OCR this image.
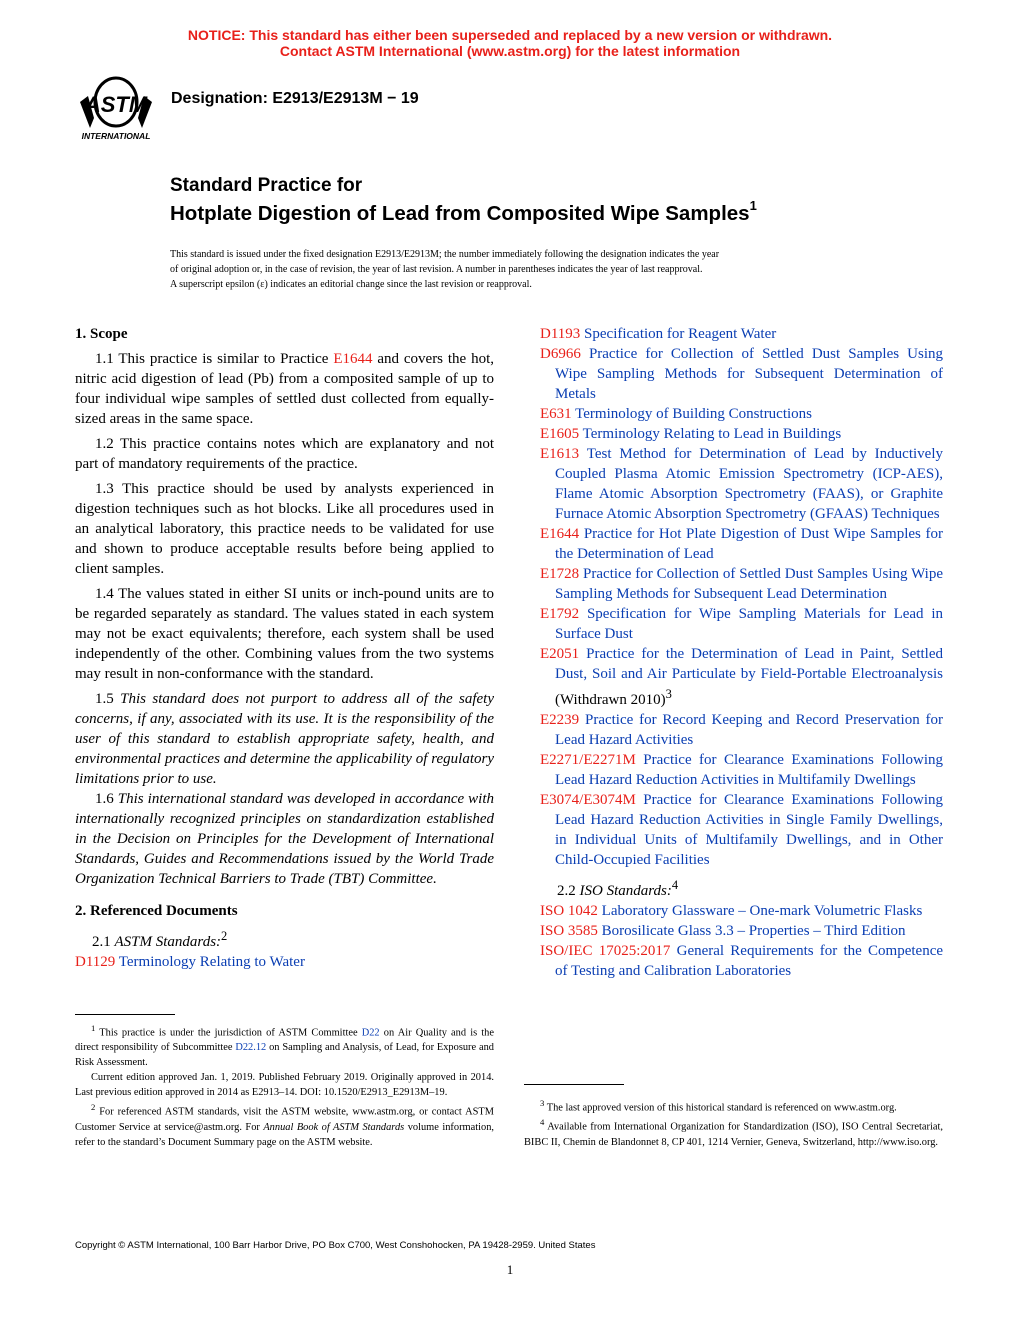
NOTICE: This standard has either been superseded and replaced by a new version or withdrawn.
Contact ASTM International (www.astm.org) for the latest information
ASTM
INTERNATIONAL
Designation: E2913/E2913M − 19
Standard Practice for
Hotplate Digestion of Lead from Composited Wipe Samples$^1$
This standard is issued under the fixed designation E2913/E2913M; the number immediately following the designation indicates the year
of original adoption or, in the case of revision, the year of last revision. A number in parentheses indicates the year of last reapproval.
A superscript epsilon (ε) indicates an editorial change since the last revision or reapproval.
1. Scope

1.1 This practice is similar to Practice E1644 and covers the hot, nitric acid digestion of lead (Pb) from a composited sample of up to four individual wipe samples of settled dust collected from equally-sized areas in the same space.

1.2 This practice contains notes which are explanatory and not part of mandatory requirements of the practice.

1.3 This practice should be used by analysts experienced in digestion techniques such as hot blocks. Like all procedures used in an analytical laboratory, this practice needs to be validated for use and shown to produce acceptable results before being applied to client samples.

1.4 The values stated in either SI units or inch-pound units are to be regarded separately as standard. The values stated in each system may not be exact equivalents; therefore, each system shall be used independently of the other. Combining values from the two systems may result in non-conformance with the standard.

1.5 This standard does not purport to address all of the safety concerns, if any, associated with its use. It is the responsibility of the user of this standard to establish appropriate safety, health, and environmental practices and determine the applicability of regulatory limitations prior to use.

1.6 This international standard was developed in accordance with internationally recognized principles on standardization established in the Decision on Principles for the Development of International Standards, Guides and Recommendations issued by the World Trade Organization Technical Barriers to Trade (TBT) Committee.

2. Referenced Documents

2.1 ASTM Standards:$^2$

D1129 Terminology Relating to Water
D1193 Specification for Reagent Water
D6966 Practice for Collection of Settled Dust Samples Using Wipe Sampling Methods for Subsequent Determination of Metals
E631 Terminology of Building Constructions
E1605 Terminology Relating to Lead in Buildings
E1613 Test Method for Determination of Lead by Inductively Coupled Plasma Atomic Emission Spectrometry (ICP-AES), Flame Atomic Absorption Spectrometry (FAAS), or Graphite Furnace Atomic Absorption Spectrometry (GFAAS) Techniques
E1644 Practice for Hot Plate Digestion of Dust Wipe Samples for the Determination of Lead
E1728 Practice for Collection of Settled Dust Samples Using Wipe Sampling Methods for Subsequent Lead Determination
E1792 Specification for Wipe Sampling Materials for Lead in Surface Dust
E2051 Practice for the Determination of Lead in Paint, Settled Dust, Soil and Air Particulate by Field-Portable Electroanalysis (Withdrawn 2010)$^3$
E2239 Practice for Record Keeping and Record Preservation for Lead Hazard Activities
E2271/E2271M Practice for Clearance Examinations Following Lead Hazard Reduction Activities in Multifamily Dwellings
E3074/E3074M Practice for Clearance Examinations Following Lead Hazard Reduction Activities in Single Family Dwellings, in Individual Units of Multifamily Dwellings, and in Other Child-Occupied Facilities

2.2 ISO Standards:$^4$

ISO 1042 Laboratory Glassware – One-mark Volumetric Flasks
ISO 3585 Borosilicate Glass 3.3 – Properties – Third Edition
ISO/IEC 17025:2017 General Requirements for the Competence of Testing and Calibration Laboratories

$^1$ This practice is under the jurisdiction of ASTM Committee D22 on Air Quality and is the direct responsibility of Subcommittee D22.12 on Sampling and Analysis, of Lead, for Exposure and Risk Assessment.

Current edition approved Jan. 1, 2019. Published February 2019. Originally approved in 2014. Last previous edition approved in 2014 as E2913–14. DOI: 10.1520/E2913_E2913M–19.

$^2$ For referenced ASTM standards, visit the ASTM website, www.astm.org, or contact ASTM Customer Service at service@astm.org. For Annual Book of ASTM Standards volume information, refer to the standard’s Document Summary page on the ASTM website.

$^3$ The last approved version of this historical standard is referenced on www.astm.org.

$^4$ Available from International Organization for Standardization (ISO), ISO Central Secretariat, BIBC II, Chemin de Blandonnet 8, CP 401, 1214 Vernier, Geneva, Switzerland, http://www.iso.org.

Copyright © ASTM International, 100 Barr Harbor Drive, PO Box C700, West Conshohocken, PA 19428-2959. United States
1
